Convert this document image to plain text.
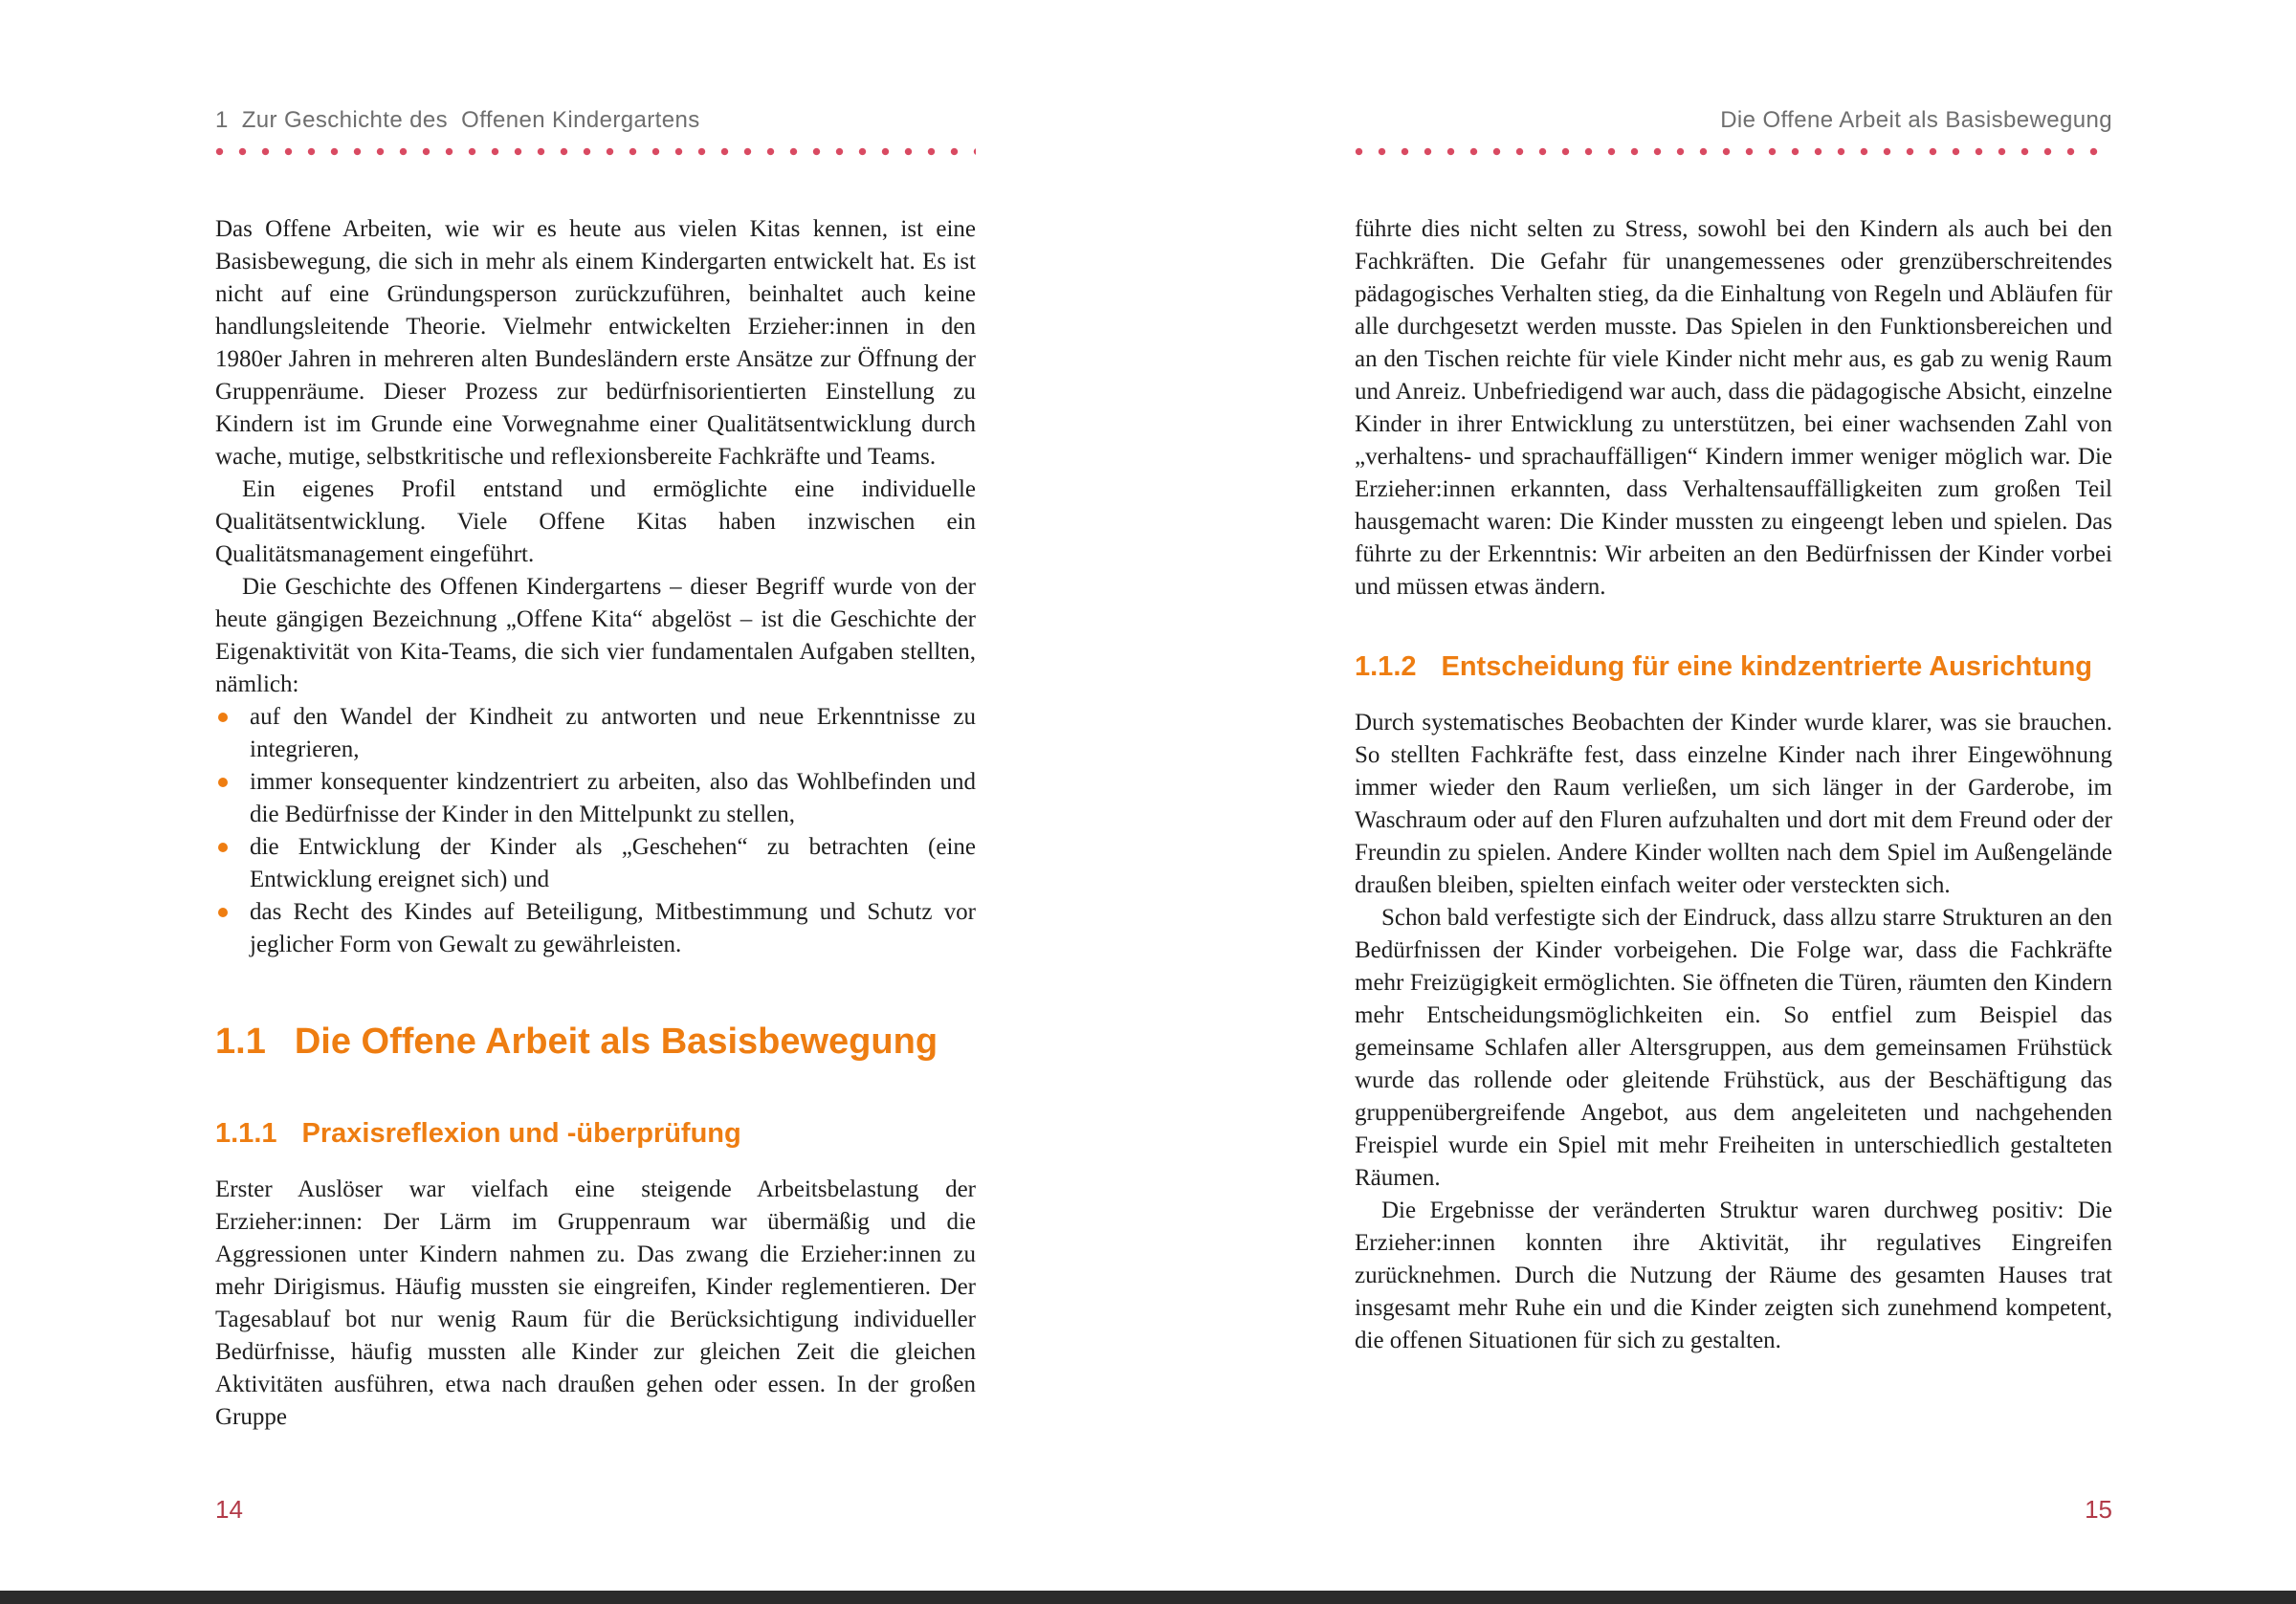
1 Zur Geschichte des  Offenen Kindergartens

Das Offene Arbeiten, wie wir es heute aus vielen Kitas kennen, ist eine Basisbewegung, die sich in mehr als einem Kindergarten entwickelt hat. Es ist nicht auf eine Gründungsperson zurückzuführen, beinhaltet auch keine handlungsleitende Theorie. Vielmehr entwickelten Erzieher:innen in den 1980er Jahren in mehreren alten Bundesländern erste Ansätze zur Öffnung der Gruppenräume. Dieser Prozess zur bedürfnisorientierten Einstellung zu Kindern ist im Grunde eine Vorwegnahme einer Qualitätsentwicklung durch wache, mutige, selbstkritische und reflexionsbereite Fachkräfte und Teams.

Ein eigenes Profil entstand und ermöglichte eine individuelle Qualitätsentwicklung. Viele Offene Kitas haben inzwischen ein Qualitätsmanagement eingeführt.

Die Geschichte des Offenen Kindergartens – dieser Begriff wurde von der heute gängigen Bezeichnung „Offene Kita“ abgelöst – ist die Geschichte der Eigenaktivität von Kita-Teams, die sich vier fundamentalen Aufgaben stellten, nämlich:

auf den Wandel der Kindheit zu antworten und neue Erkenntnisse zu integrieren,
immer konsequenter kindzentriert zu arbeiten, also das Wohlbefinden und die Bedürfnisse der Kinder in den Mittelpunkt zu stellen,
die Entwicklung der Kinder als „Geschehen“ zu betrachten (eine Entwicklung ereignet sich) und
das Recht des Kindes auf Beteiligung, Mitbestimmung und Schutz vor jeglicher Form von Gewalt zu gewährleisten.
1.1 Die Offene Arbeit als Basisbewegung
1.1.1 Praxisreflexion und -überprüfung

Erster Auslöser war vielfach eine steigende Arbeitsbelastung der Erzieher:innen: Der Lärm im Gruppenraum war übermäßig und die Aggressionen unter Kindern nahmen zu. Das zwang die Erzieher:innen zu mehr Dirigismus. Häufig mussten sie eingreifen, Kinder reglementieren. Der Tagesablauf bot nur wenig Raum für die Berücksichtigung individueller Bedürfnisse, häufig mussten alle Kinder zur gleichen Zeit die gleichen Aktivitäten ausführen, etwa nach draußen gehen oder essen. In der großen Gruppe

14
Die Offene Arbeit als Basisbewegung

führte dies nicht selten zu Stress, sowohl bei den Kindern als auch bei den Fachkräften. Die Gefahr für unangemessenes oder grenzüberschreitendes pädagogisches Verhalten stieg, da die Einhaltung von Regeln und Abläufen für alle durchgesetzt werden musste. Das Spielen in den Funktionsbereichen und an den Tischen reichte für viele Kinder nicht mehr aus, es gab zu wenig Raum und Anreiz. Unbefriedigend war auch, dass die pädagogische Absicht, einzelne Kinder in ihrer Entwicklung zu unterstützen, bei einer wachsenden Zahl von „verhaltens- und sprachauffälligen“ Kindern immer weniger möglich war. Die Erzieher:innen erkannten, dass Verhaltensauffälligkeiten zum großen Teil hausgemacht waren: Die Kinder mussten zu eingeengt leben und spielen. Das führte zu der Erkenntnis: Wir arbeiten an den Bedürfnissen der Kinder vorbei und müssen etwas ändern.

1.1.2 Entscheidung für eine kindzentrierte Ausrichtung

Durch systematisches Beobachten der Kinder wurde klarer, was sie brauchen. So stellten Fachkräfte fest, dass einzelne Kinder nach ihrer Eingewöhnung immer wieder den Raum verließen, um sich länger in der Garderobe, im Waschraum oder auf den Fluren aufzuhalten und dort mit dem Freund oder der Freundin zu spielen. Andere Kinder wollten nach dem Spiel im Außengelände draußen bleiben, spielten einfach weiter oder versteckten sich.

Schon bald verfestigte sich der Eindruck, dass allzu starre Strukturen an den Bedürfnissen der Kinder vorbeigehen. Die Folge war, dass die Fachkräfte mehr Freizügigkeit ermöglichten. Sie öffneten die Türen, räumten den Kindern mehr Entscheidungsmöglichkeiten ein. So entfiel zum Beispiel das gemeinsame Schlafen aller Altersgruppen, aus dem gemeinsamen Frühstück wurde das rollende oder gleitende Frühstück, aus der Beschäftigung das gruppenübergreifende Angebot, aus dem angeleiteten und nachgehenden Freispiel wurde ein Spiel mit mehr Freiheiten in unterschiedlich gestalteten Räumen.

Die Ergebnisse der veränderten Struktur waren durchweg positiv: Die Erzieher:innen konnten ihre Aktivität, ihr regulatives Eingreifen zurücknehmen. Durch die Nutzung der Räume des gesamten Hauses trat insgesamt mehr Ruhe ein und die Kinder zeigten sich zunehmend kompetent, die offenen Situationen für sich zu gestalten.

15
